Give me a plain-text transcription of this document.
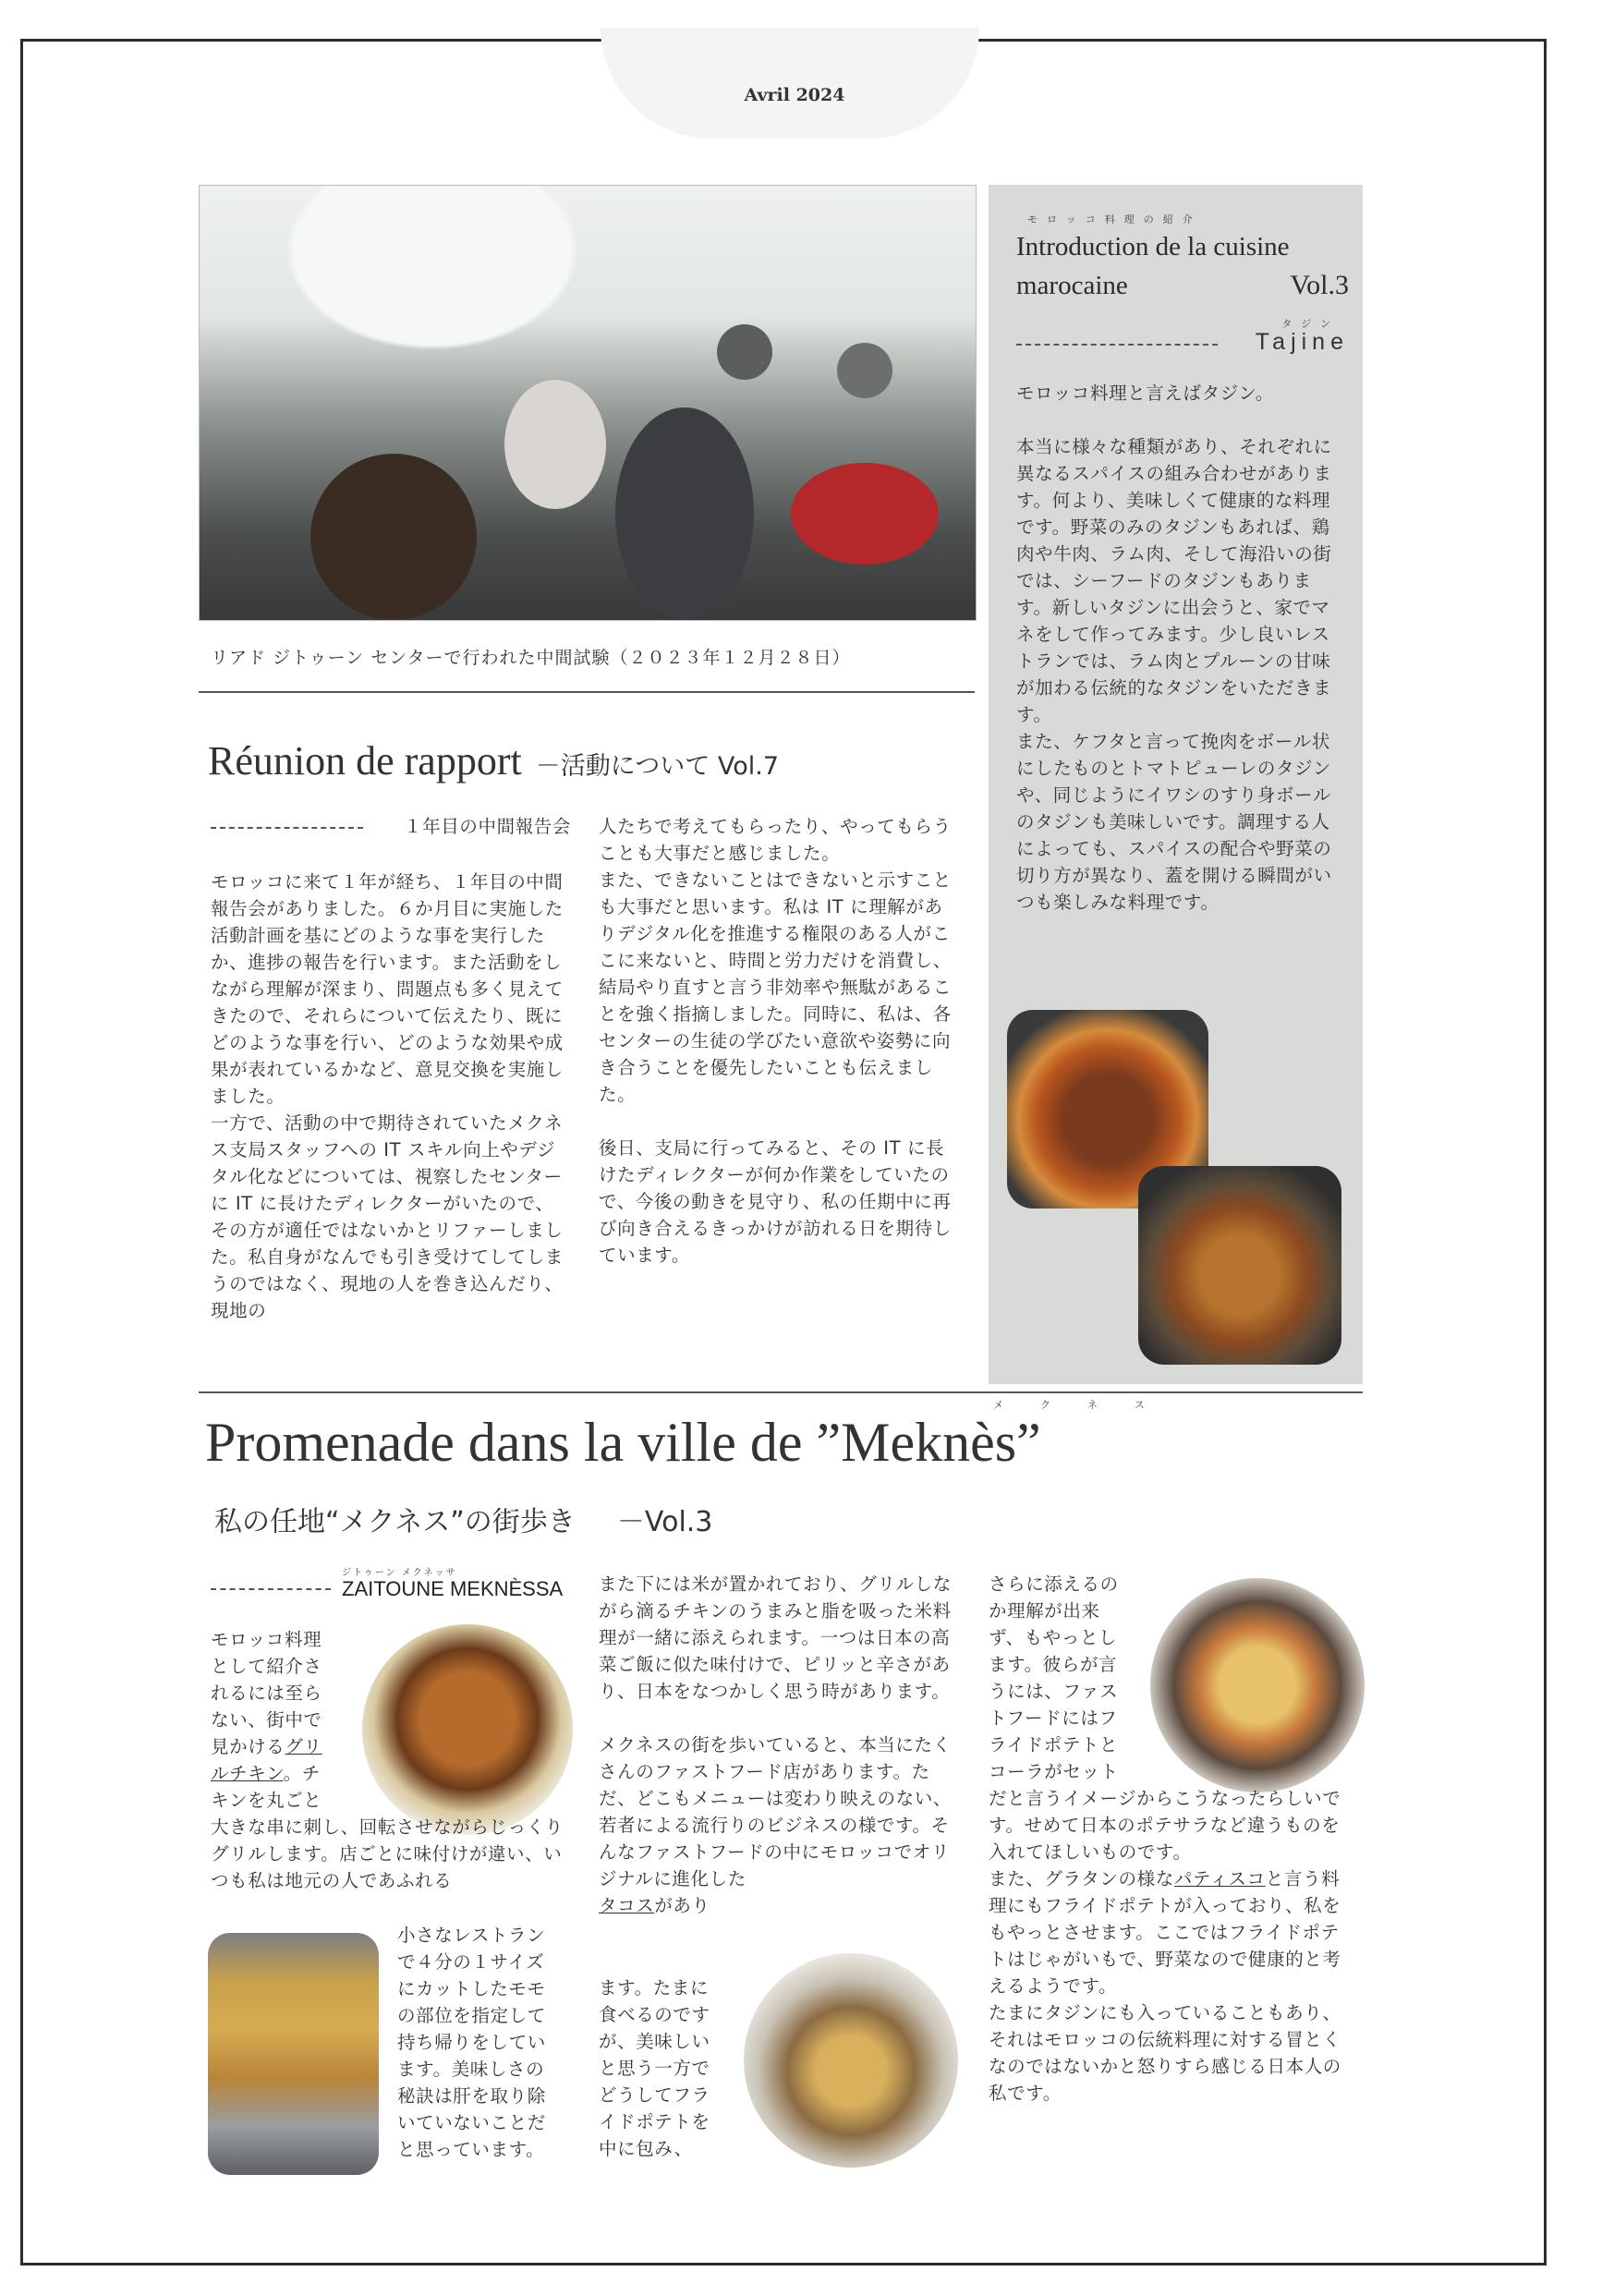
Avril 2024
リアド ジトゥーン センターで行われた中間試験（２０２３年１２月２８日）
モロッコ料理の紹介
Introduction de la cuisine
marocaine	Vol.3
タジン
Tajine

モロッコ料理と言えばタジン。

本当に様々な種類があり、それぞれに異なるスパイスの組み合わせがあります。何より、美味しくて健康的な料理です。野菜のみのタジンもあれば、鶏肉や牛肉、ラム肉、そして海沿いの街では、シーフードのタジンもあります。新しいタジンに出会うと、家でマネをして作ってみます。少し良いレストランでは、ラム肉とプルーンの甘味が加わる伝統的なタジンをいただきます。

また、ケフタと言って挽肉をボール状にしたものとトマトピューレのタジンや、同じようにイワシのすり身ボールのタジンも美味しいです。調理する人によっても、スパイスの配合や野菜の切り方が異なり、蓋を開ける瞬間がいつも楽しみな料理です。

Réunion de rapport －活動について Vol.7
１年目の中間報告会

モロッコに来て１年が経ち、１年目の中間報告会がありました。６か月目に実施した活動計画を基にどのような事を実行したか、進捗の報告を行います。また活動をしながら理解が深まり、問題点も多く見えてきたので、それらについて伝えたり、既にどのような事を行い、どのような効果や成果が表れているかなど、意見交換を実施しました。

一方で、活動の中で期待されていたメクネス支局スタッフへの IT スキル向上やデジタル化などについては、視察したセンターに IT に長けたディレクターがいたので、その方が適任ではないかとリファーしました。私自身がなんでも引き受けてしてしまうのではなく、現地の人を巻き込んだり、現地の

人たちで考えてもらったり、やってもらうことも大事だと感じました。

また、できないことはできないと示すことも大事だと思います。私は IT に理解がありデジタル化を推進する権限のある人がここに来ないと、時間と労力だけを消費し、結局やり直すと言う非効率や無駄があることを強く指摘しました。同時に、私は、各センターの生徒の学びたい意欲や姿勢に向き合うことを優先したいことも伝えました。

後日、支局に行ってみると、その IT に長けたディレクターが何か作業をしていたので、今後の動きを見守り、私の任期中に再び向き合えるきっかけが訪れる日を期待しています。

メクネス
Promenade dans la ville de ”Meknès”
私の任地“メクネス”の街歩き －Vol.3
ジトゥーン メクネッサ
ZAITOUNE MEKNÈSSA

モロッコ料理

として紹介さ

れるには至ら

ない、街中で

見かけるグリ

ルチキン。チ

キンを丸ごと

大きな串に刺し、回転させながらじっくりグリルします。店ごとに味付けが違い、いつも私は地元の人であふれる

小さなレストラン

で４分の１サイズ

にカットしたモモ

の部位を指定して

持ち帰りをしてい

ます。美味しさの

秘訣は肝を取り除

いていないことだ

と思っています。

また下には米が置かれており、グリルしながら滴るチキンのうまみと脂を吸った米料理が一緒に添えられます。一つは日本の高菜ご飯に似た味付けで、ピリッと辛さがあり、日本をなつかしく思う時があります。

メクネスの街を歩いていると、本当にたくさんのファストフード店があります。ただ、どこもメニューは変わり映えのない、若者による流行りのビジネスの様です。そんなファストフードの中にモロッコでオリジナルに進化した

タコスがあり

ます。たまに

食べるのです

が、美味しい

と思う一方で

どうしてフラ

イドポテトを

中に包み、

さらに添えるの

か理解が出来

ず、もやっとし

ます。彼らが言

うには、ファス

トフードにはフ

ライドポテトと

コーラがセット

だと言うイメージからこうなったらしいです。せめて日本のポテサラなど違うものを入れてほしいものです。

また、グラタンの様なパティスコと言う料理にもフライドポテトが入っており、私をもやっとさせます。ここではフライドポテトはじゃがいもで、野菜なので健康的と考えるようです。

たまにタジンにも入っていることもあり、それはモロッコの伝統料理に対する冒とくなのではないかと怒りすら感じる日本人の私です。
